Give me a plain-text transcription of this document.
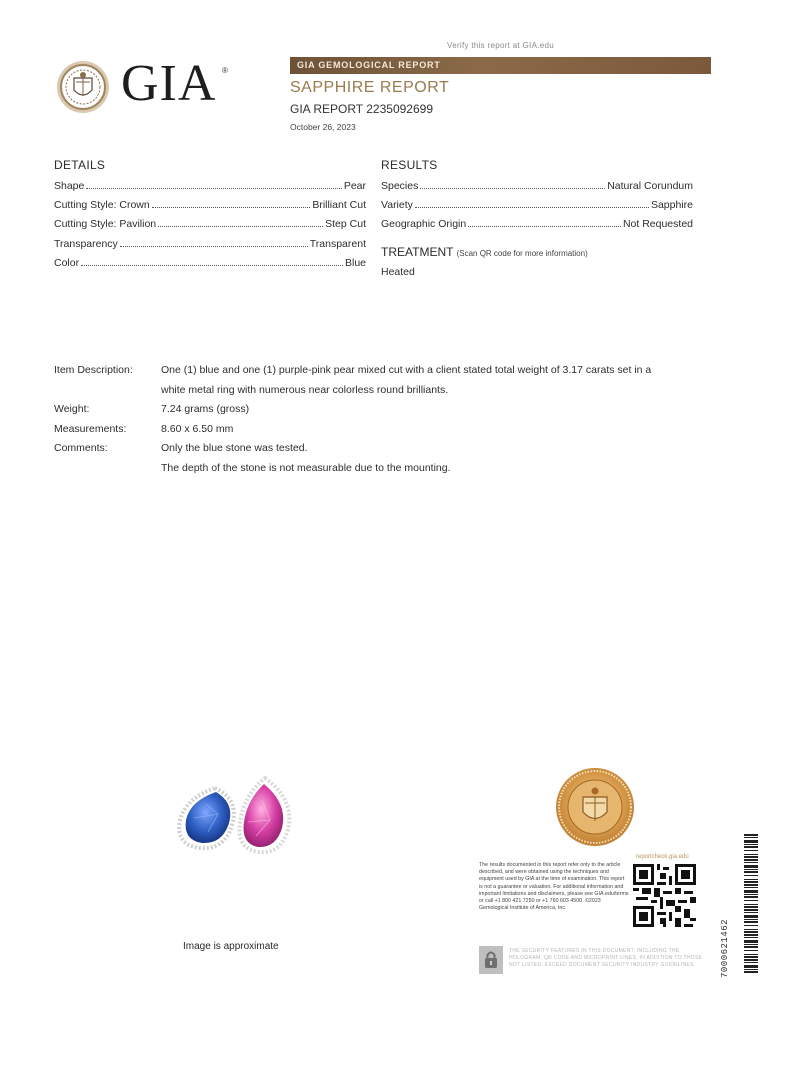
Verify this report at GIA.edu
GIA ®
GIA GEMOLOGICAL REPORT
SAPPHIRE REPORT
GIA REPORT 2235092699
October 26, 2023
DETAILS
Shape	Pear
Cutting Style: Crown	Brilliant Cut
Cutting Style: Pavilion	Step Cut
Transparency	Transparent
Color	Blue
RESULTS
Species	Natural Corundum
Variety	Sapphire
Geographic Origin	Not Requested
TREATMENT (Scan QR code for more information)
Heated
Item Description:	One (1) blue and one (1) purple-pink pear mixed cut with a client stated total weight of 3.17 carats set in a
white metal ring with numerous near colorless round brilliants.
Weight:	7.24 grams (gross)
Measurements:	8.60 x 6.50 mm
Comments:	Only the blue stone was tested.
The depth of the stone is not measurable due to the mounting.
Image is approximate
reportcheck.gia.edu
The results documented in this report refer only to the article described, and were obtained using the techniques and equipment used by GIA at the time of examination. This report is not a guarantee or valuation. For additional information and important limitations and disclaimers, please see GIA.edu/terms or call +1 800 421 7250 or +1 760 603 4500. ©2023 Gemological Institute of America, Inc.
THE SECURITY FEATURES IN THIS DOCUMENT, INCLUDING THE HOLOGRAM, QR CODE AND MICROPRINT LINES, IN ADDITION TO THOSE NOT LISTED, EXCEED DOCUMENT SECURITY INDUSTRY GUIDELINES.	7000621462
